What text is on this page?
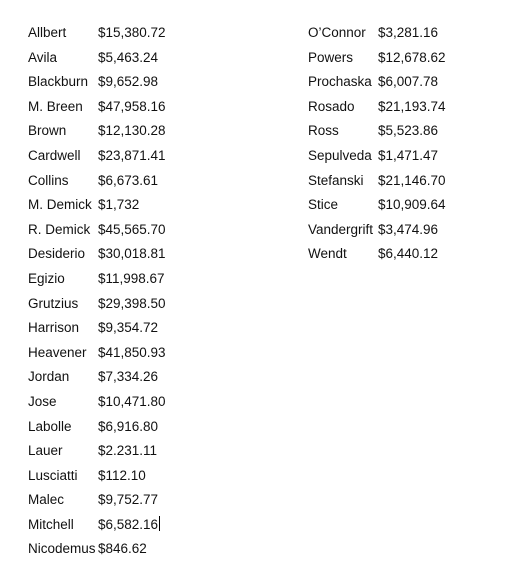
Allbert $15,380.72
Avila	$5,463.24
Blackburn $9,652.98
M. Breen $47,958.16
Brown $12,130.28
Cardwell $23,871.41
Collins $6,673.61
M. Demick $1,732
R. Demick $45,565.70
Desiderio $30,018.81
Egizio $11,998.67
Grutzius $29,398.50
Harrison $9,354.72
Heavener $41,850.93
Jordan $7,334.26
Jose	$10,471.80
Labolle $6,916.80
Lauer	$2.231.11
Lusciatti $112.10
Malec	$9,752.77
Mitchell $6,582.16
Nicodemus $846.62
O’Connor $3,281.16
Powers $12,678.62
Prochaska $6,007.78
Rosado $21,193.74
Ross	$5,523.86
Sepulveda $1,471.47
Stefanski $21,146.70
Stice	$10,909.64
Vandergrift $3,474.96
Wendt $6,440.12
